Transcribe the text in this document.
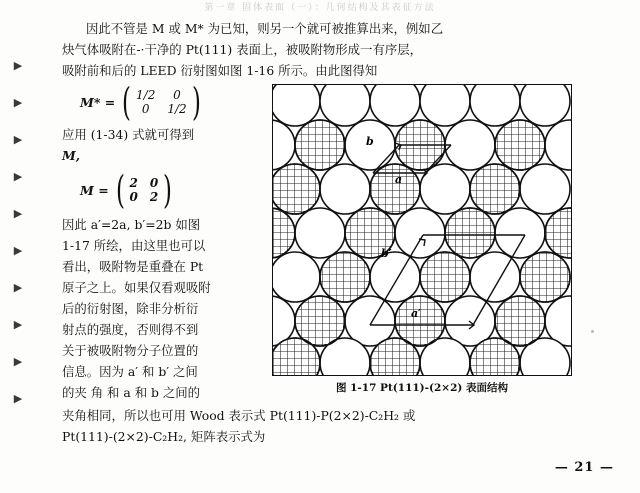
第一章 固体表面（一）：几何结构及其表征方法
▶
▶
▶
▶
▶
▶
▶
▶
▶
▶
因此不管是 M 或 M* 为已知，则另一个就可被推算出来，例如乙
炔气体吸附在-·干净的 Pt(111) 表面上，被吸附物形成一有序层，
吸附前和后的 LEED 衍射图如图 1-16 所示。由此图得知
M* = ( 1/2	0
0	1/2 )
应用 (1-34) 式就可得到
M,
M = ( 2 0
0 2 )
因此 a′=2a, b′=2b 如图
1-17 所绘，由这里也可以
看出，吸附物是重叠在 Pt
原子之上。如果仅看观吸附
后的衍射图，除非分析衍
射点的强度，否则得不到
关于被吸附物分子位置的
信息。因为 a′ 和 b′ 之间
的夹 角 和 a 和 b 之间的
夹角相同，所以也可用 Wood 表示式 Pt(111)-P(2×2)-C₂H₂ 或
Pt(111)-(2×2)-C₂H₂, 矩阵表示式为
b
a
b′
a′
图 1-17 Pt(111)-(2×2) 表面结构
— 21 —
